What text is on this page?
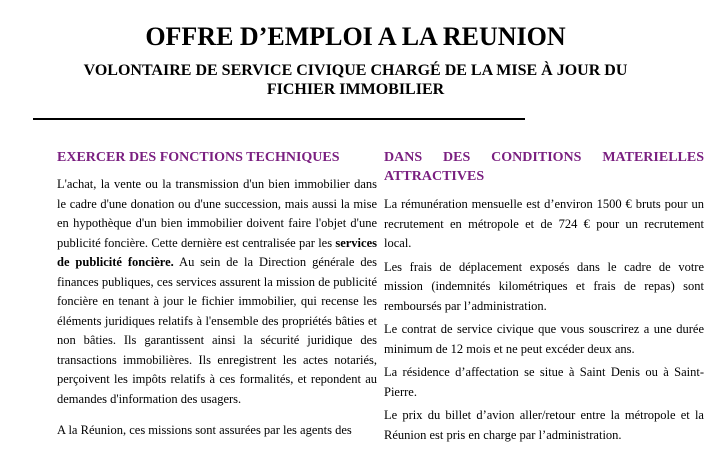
OFFRE D’EMPLOI A LA REUNION
VOLONTAIRE DE SERVICE CIVIQUE CHARGÉ DE LA MISE À JOUR DU
FICHIER IMMOBILIER
EXERCER DES FONCTIONS TECHNIQUES

L'achat, la vente ou la transmission d'un bien immobilier dans le cadre d'une donation ou d'une succession, mais aussi la mise en hypothèque d'un bien immobilier doivent faire l'objet d'une publicité foncière. Cette dernière est centralisée par les services de publicité foncière. Au sein de la Direction générale des finances publiques, ces services assurent la mission de publicité foncière en tenant à jour le fichier immobilier, qui recense les éléments juridiques relatifs à l'ensemble des propriétés bâties et non bâties. Ils garantissent ainsi la sécurité juridique des transactions immobilières. Ils enregistrent les actes notariés, perçoivent les impôts relatifs à ces formalités, et repondent au demandes d'information des usagers.

A la Réunion, ces missions sont assurées par les agents des

DANS DES CONDITIONS MATERIELLES ATTRACTIVES

La rémunération mensuelle est d’environ 1500 € bruts pour un recrutement en métropole et de 724 € pour un recrutement local.

Les frais de déplacement exposés dans le cadre de votre mission (indemnités kilométriques et frais de repas) sont remboursés par l’administration.

Le contrat de service civique que vous souscrirez a une durée minimum de 12 mois et ne peut excéder deux ans.

La résidence d’affectation se situe à Saint Denis ou à Saint-Pierre.

Le prix du billet d’avion aller/retour entre la métropole et la Réunion est pris en charge par l’administration.
